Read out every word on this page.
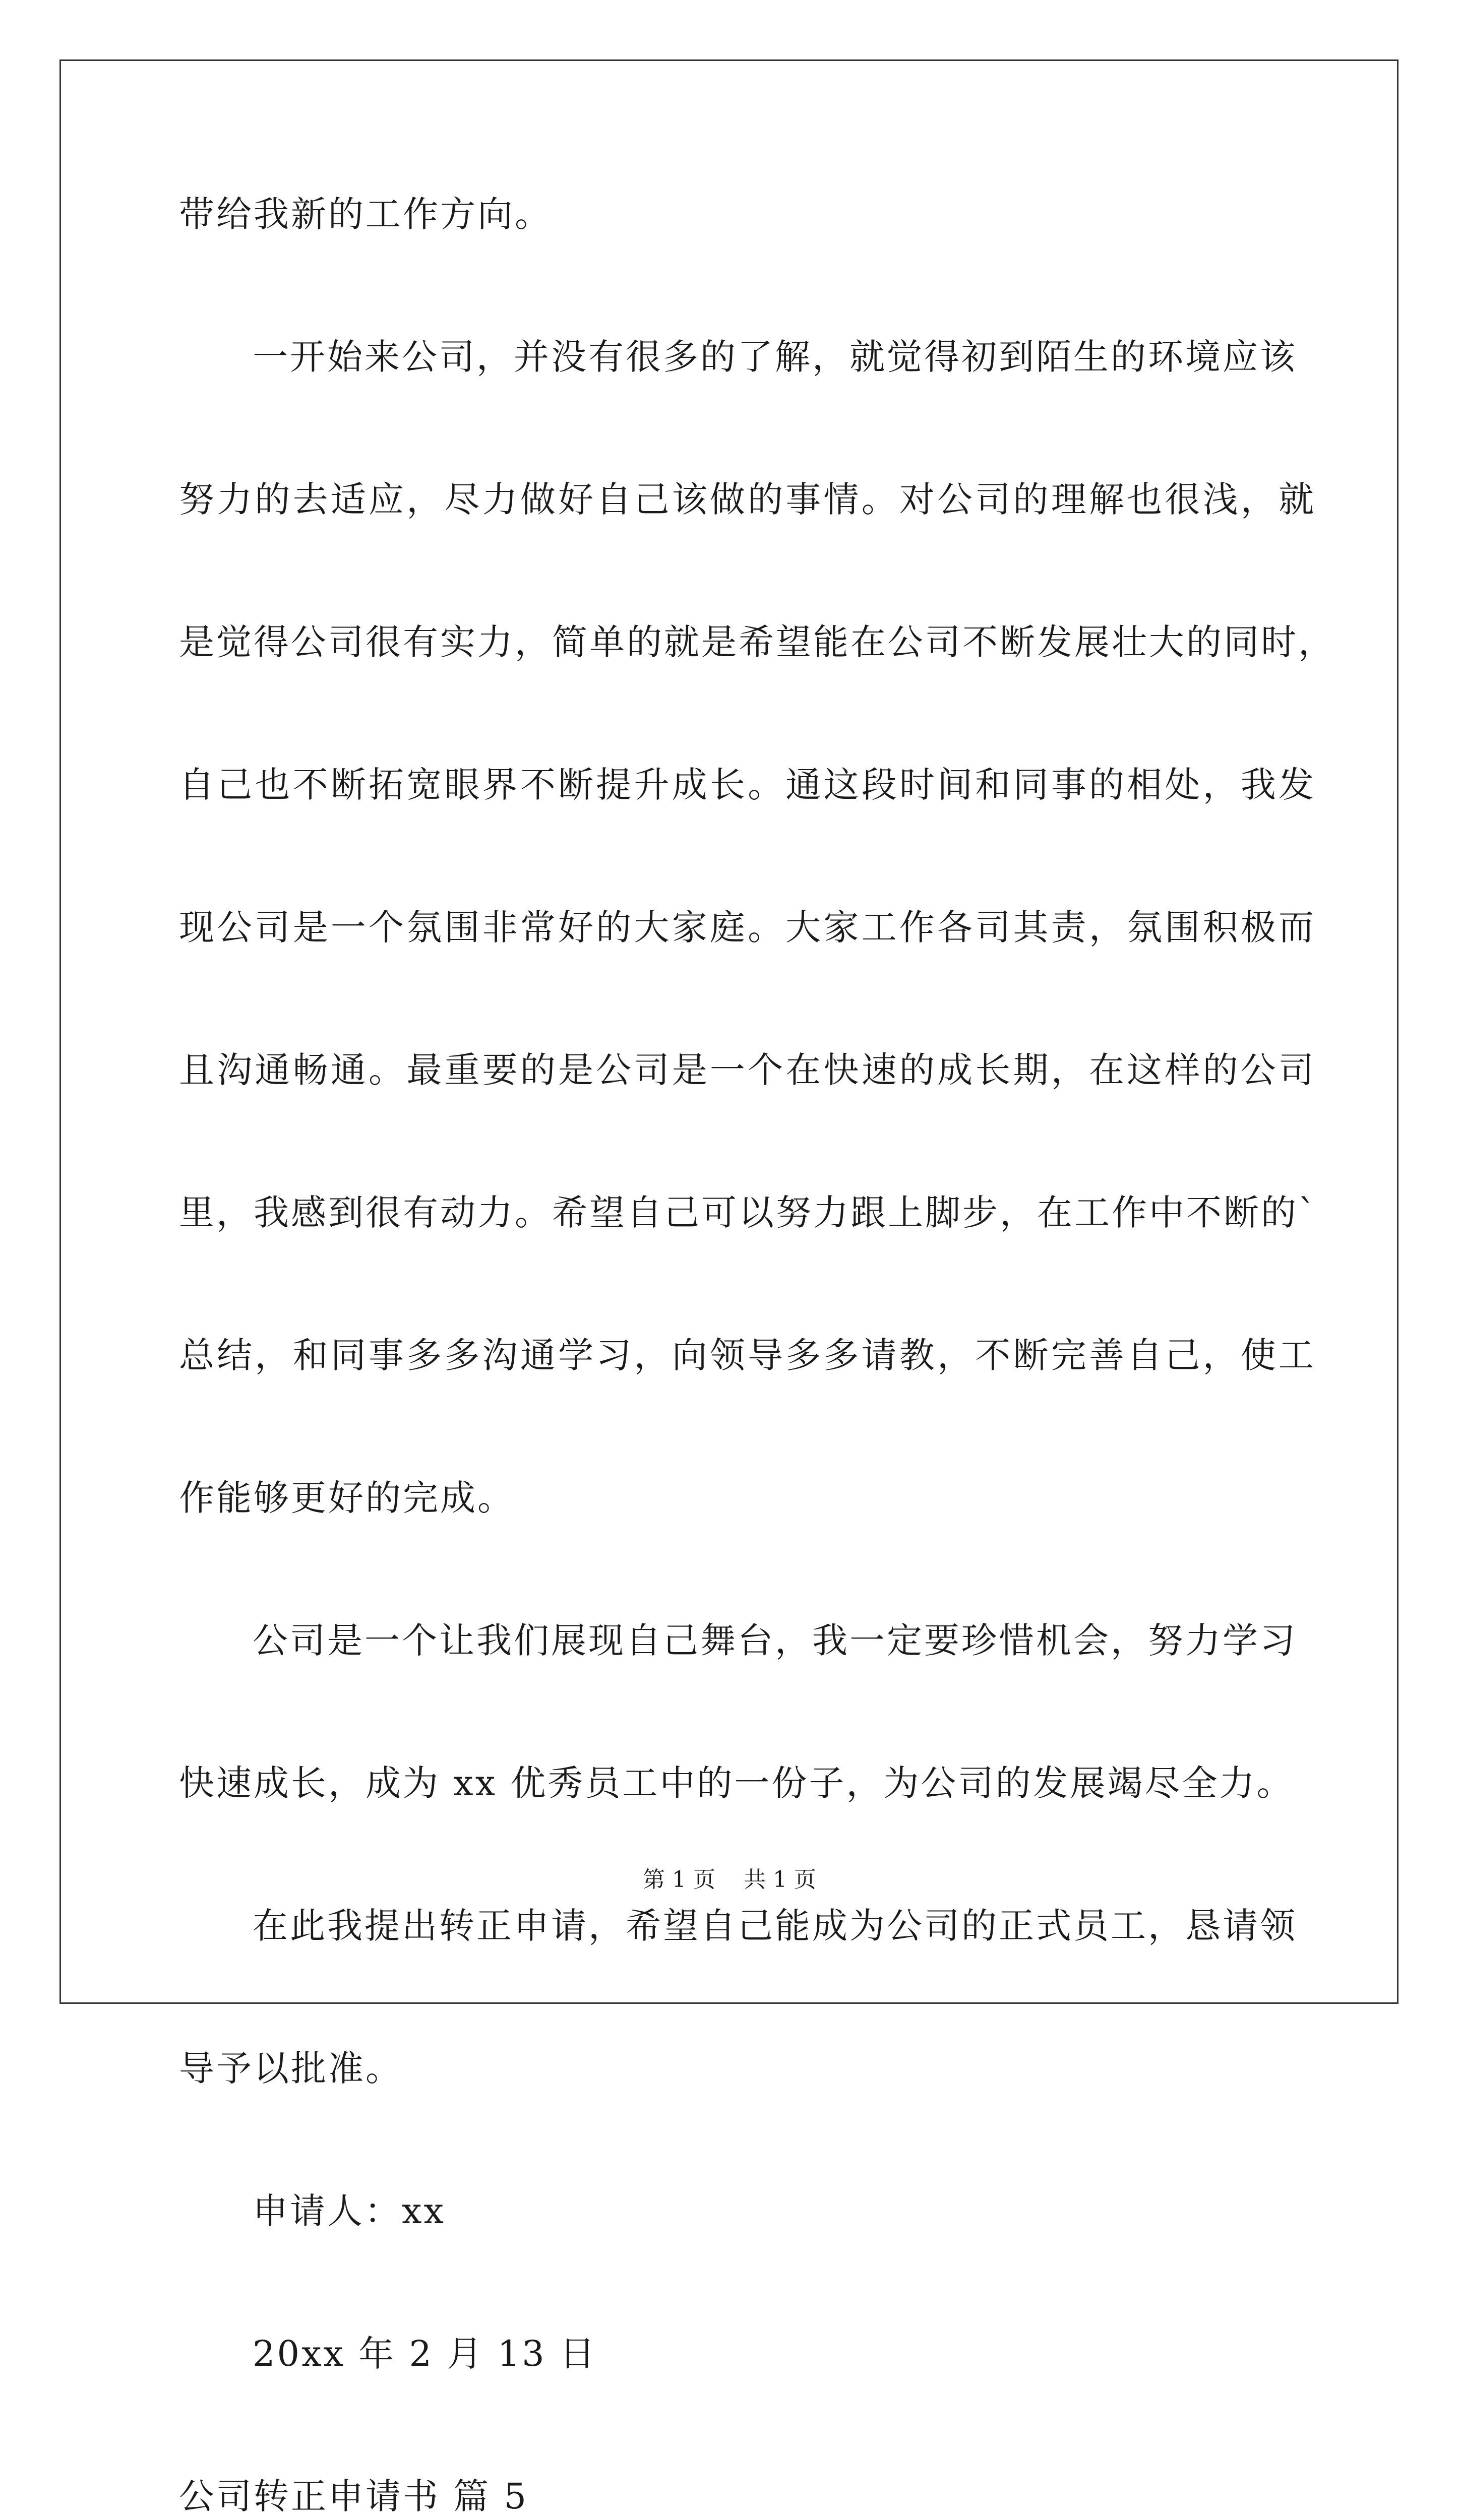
带给我新的工作方向。
一开始来公司，并没有很多的了解，就觉得初到陌生的环境应该
努力的去适应，尽力做好自己该做的事情。对公司的理解也很浅，就
是觉得公司很有实力，简单的就是希望能在公司不断发展壮大的同时，
自己也不断拓宽眼界不断提升成长。通这段时间和同事的相处，我发
现公司是一个氛围非常好的大家庭。大家工作各司其责，氛围积极而
且沟通畅通。最重要的是公司是一个在快速的成长期，在这样的公司
里，我感到很有动力。希望自己可以努力跟上脚步，在工作中不断的`
总结，和同事多多沟通学习，向领导多多请教，不断完善自己，使工
作能够更好的完成。
公司是一个让我们展现自己舞台，我一定要珍惜机会，努力学习
快速成长，成为 xx 优秀员工中的一份子，为公司的发展竭尽全力。
在此我提出转正申请，希望自己能成为公司的正式员工，恳请领
导予以批准。
申请人：xx
20xx 年 2 月 13 日
公司转正申请书 篇 5
第 1 页    共 1 页
